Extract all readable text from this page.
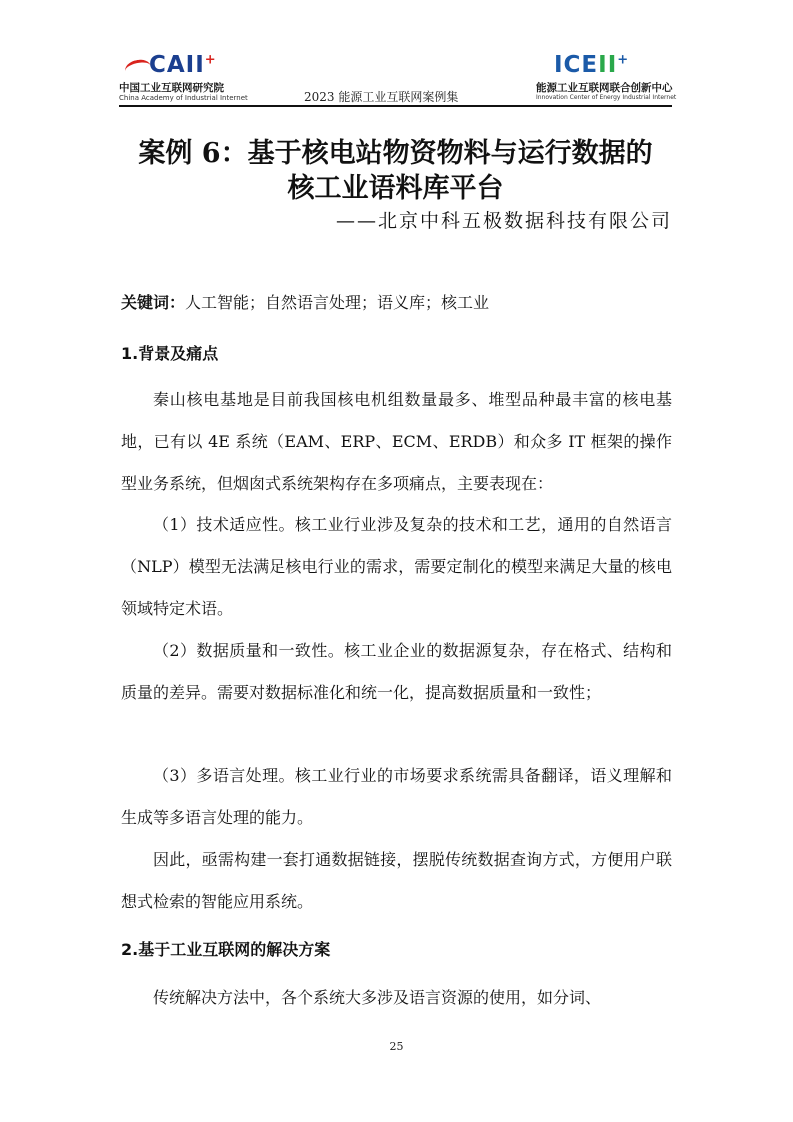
CAII+
中国工业互联网研究院
China Academy of Industrial Internet	2023 能源工业互联网案例集
ICEII+
能源工业互联网联合创新中心
Innovation Center of Energy Industrial Internet
案例 6：基于核电站物资物料与运行数据的
核工业语料库平台
——北京中科五极数据科技有限公司
关键词：人工智能；自然语言处理；语义库；核工业
1.背景及痛点

秦山核电基地是目前我国核电机组数量最多、堆型品种最丰富的核电基地，已有以 4E 系统（EAM、ERP、ECM、ERDB）和众多 IT 框架的操作型业务系统，但烟囱式系统架构存在多项痛点，主要表现在：

（1）技术适应性。核工业行业涉及复杂的技术和工艺，通用的自然语言（NLP）模型无法满足核电行业的需求，需要定制化的模型来满足大量的核电领域特定术语。

（2）数据质量和一致性。核工业企业的数据源复杂，存在格式、结构和质量的差异。需要对数据标准化和统一化，提高数据质量和一致性；

（3）多语言处理。核工业行业的市场要求系统需具备翻译，语义理解和生成等多语言处理的能力。

因此，亟需构建一套打通数据链接，摆脱传统数据查询方式，方便用户联想式检索的智能应用系统。

2.基于工业互联网的解决方案

传统解决方法中，各个系统大多涉及语言资源的使用，如分词、

25
